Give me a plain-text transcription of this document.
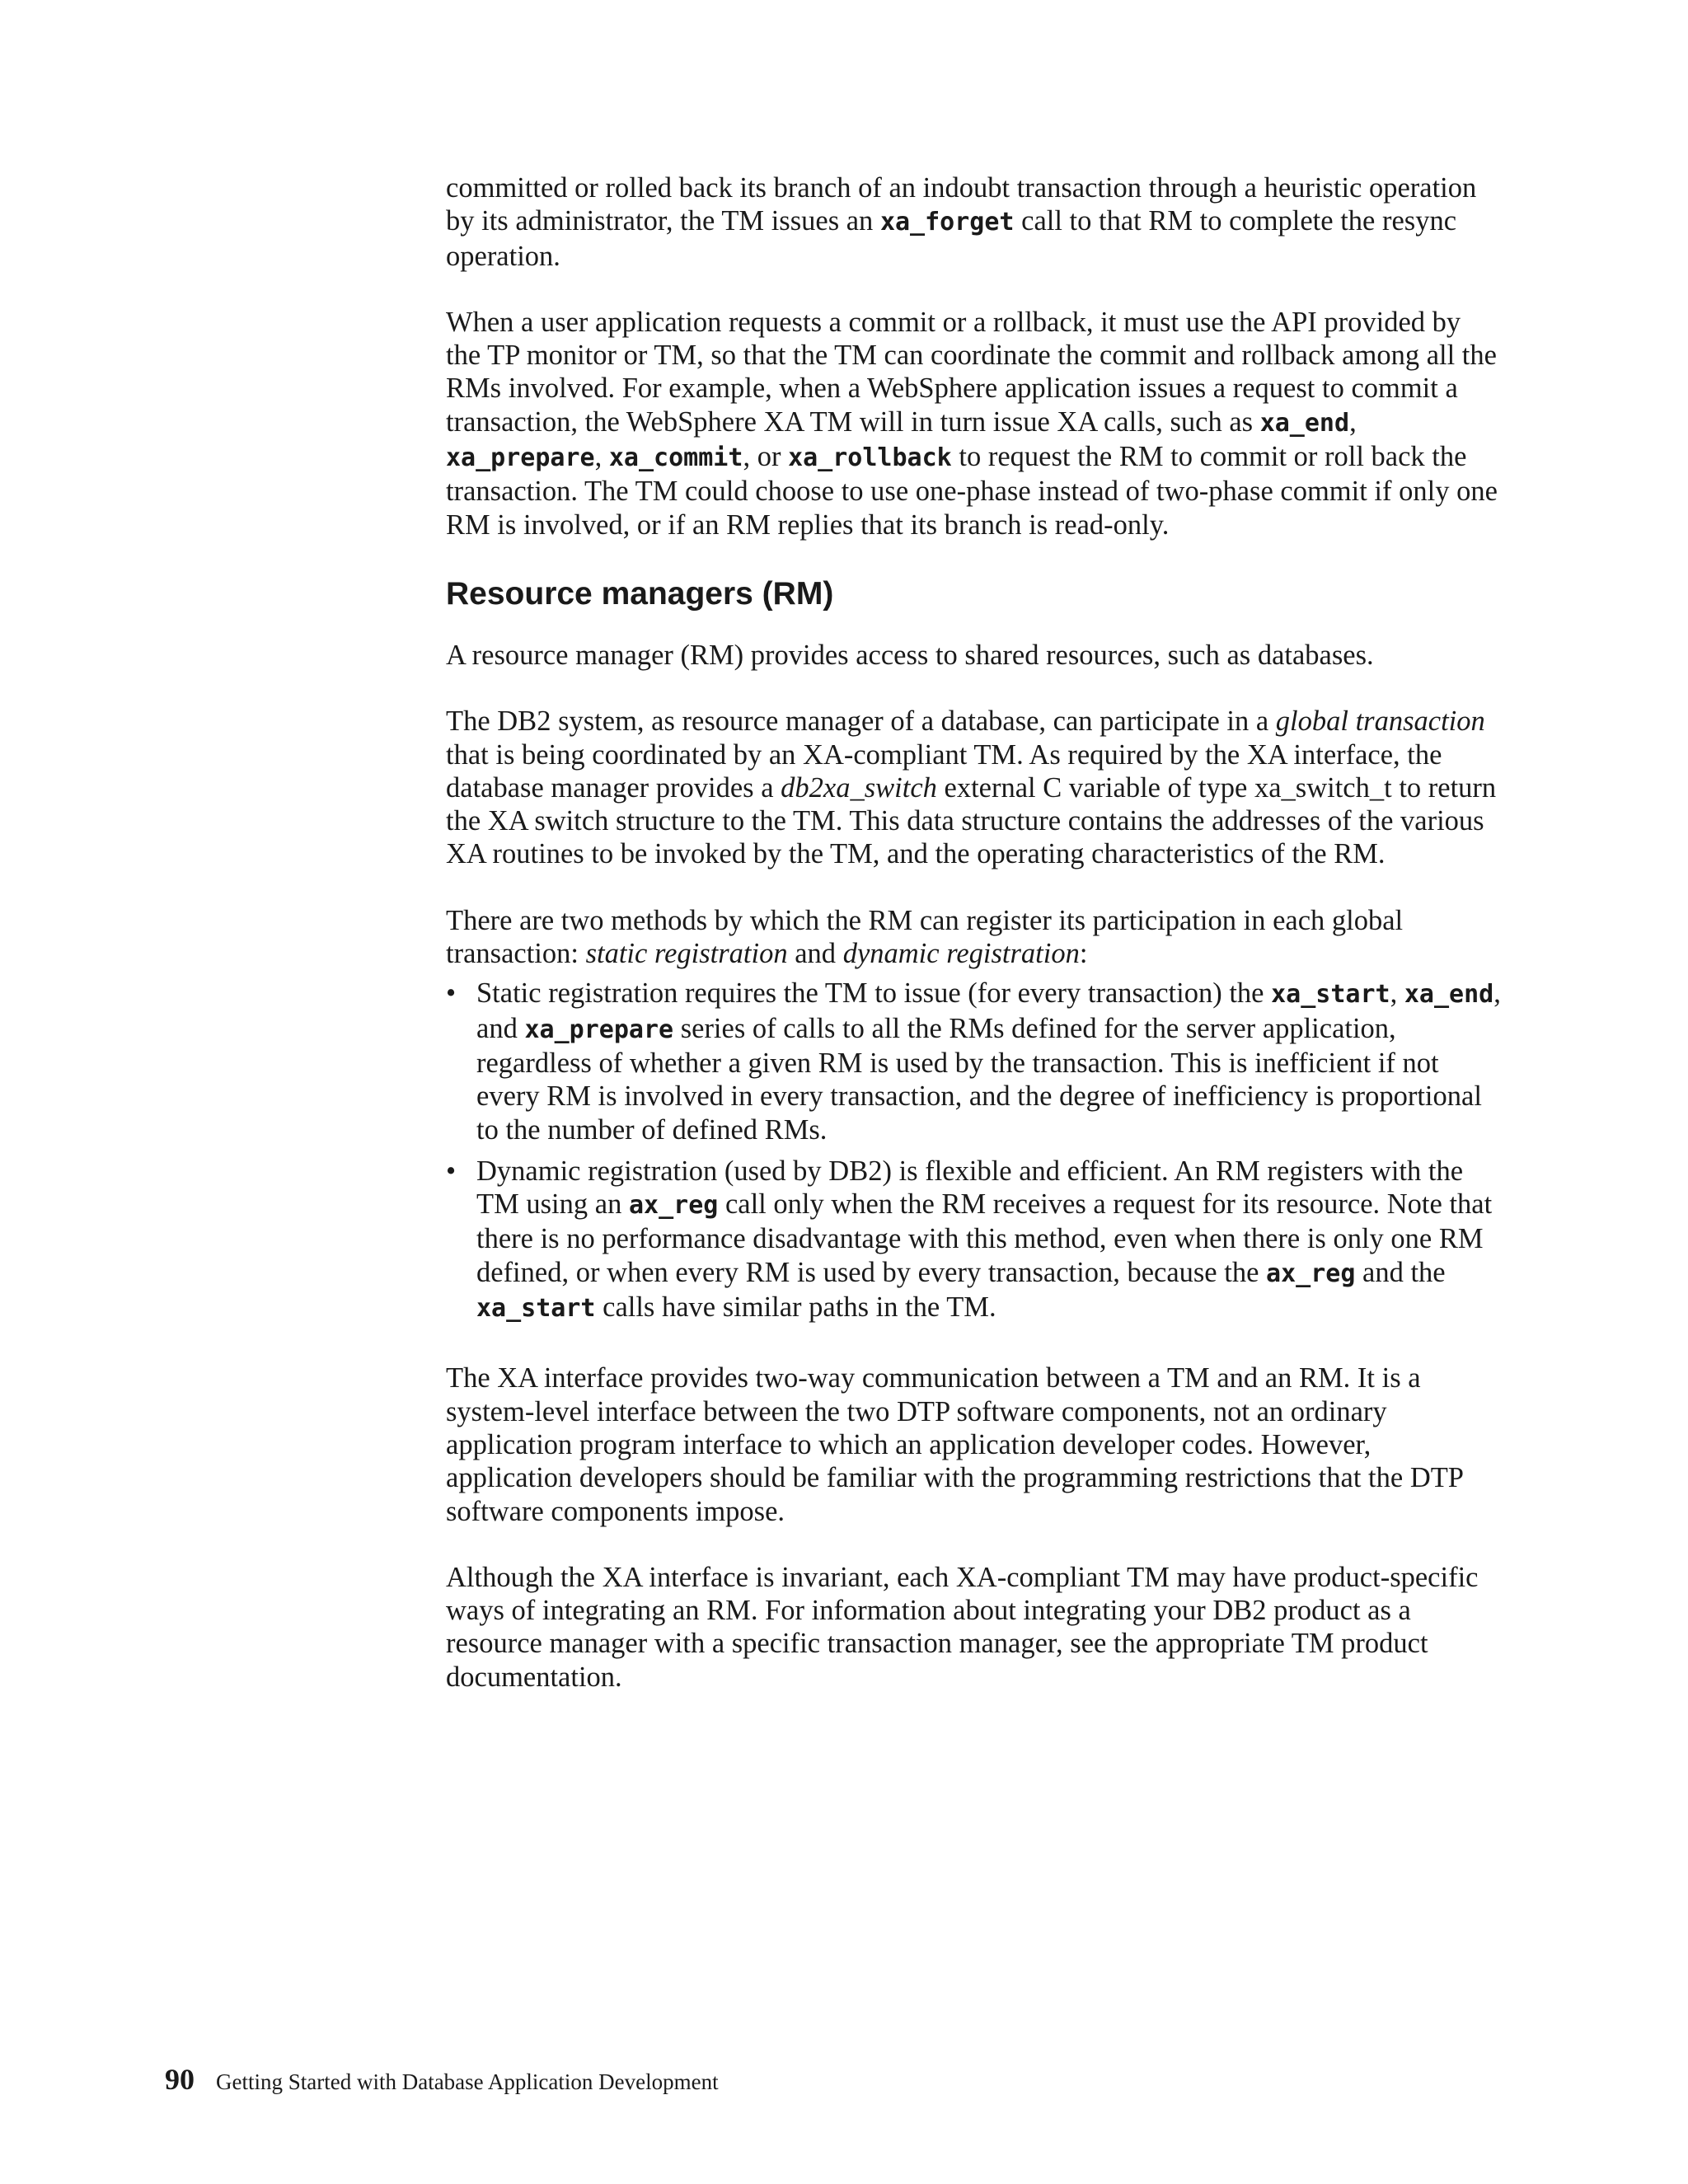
committed or rolled back its branch of an indoubt transaction through a heuristic operation by its administrator, the TM issues an xa_forget call to that RM to complete the resync operation.

When a user application requests a commit or a rollback, it must use the API provided by the TP monitor or TM, so that the TM can coordinate the commit and rollback among all the RMs involved. For example, when a WebSphere application issues a request to commit a transaction, the WebSphere XA TM will in turn issue XA calls, such as xa_end, xa_prepare, xa_commit, or xa_rollback to request the RM to commit or roll back the transaction. The TM could choose to use one-phase instead of two-phase commit if only one RM is involved, or if an RM replies that its branch is read-only.

Resource managers (RM)

A resource manager (RM) provides access to shared resources, such as databases.

The DB2 system, as resource manager of a database, can participate in a global transaction that is being coordinated by an XA-compliant TM. As required by the XA interface, the database manager provides a db2xa_switch external C variable of type xa_switch_t to return the XA switch structure to the TM. This data structure contains the addresses of the various XA routines to be invoked by the TM, and the operating characteristics of the RM.

There are two methods by which the RM can register its participation in each global transaction: static registration and dynamic registration:

• Static registration requires the TM to issue (for every transaction) the xa_start, xa_end, and xa_prepare series of calls to all the RMs defined for the server application, regardless of whether a given RM is used by the transaction. This is inefficient if not every RM is involved in every transaction, and the degree of inefficiency is proportional to the number of defined RMs.
• Dynamic registration (used by DB2) is flexible and efficient. An RM registers with the TM using an ax_reg call only when the RM receives a request for its resource. Note that there is no performance disadvantage with this method, even when there is only one RM defined, or when every RM is used by every transaction, because the ax_reg and the xa_start calls have similar paths in the TM.

The XA interface provides two-way communication between a TM and an RM. It is a system-level interface between the two DTP software components, not an ordinary application program interface to which an application developer codes. However, application developers should be familiar with the programming restrictions that the DTP software components impose.

Although the XA interface is invariant, each XA-compliant TM may have product-specific ways of integrating an RM. For information about integrating your DB2 product as a resource manager with a specific transaction manager, see the appropriate TM product documentation.

90 Getting Started with Database Application Development
